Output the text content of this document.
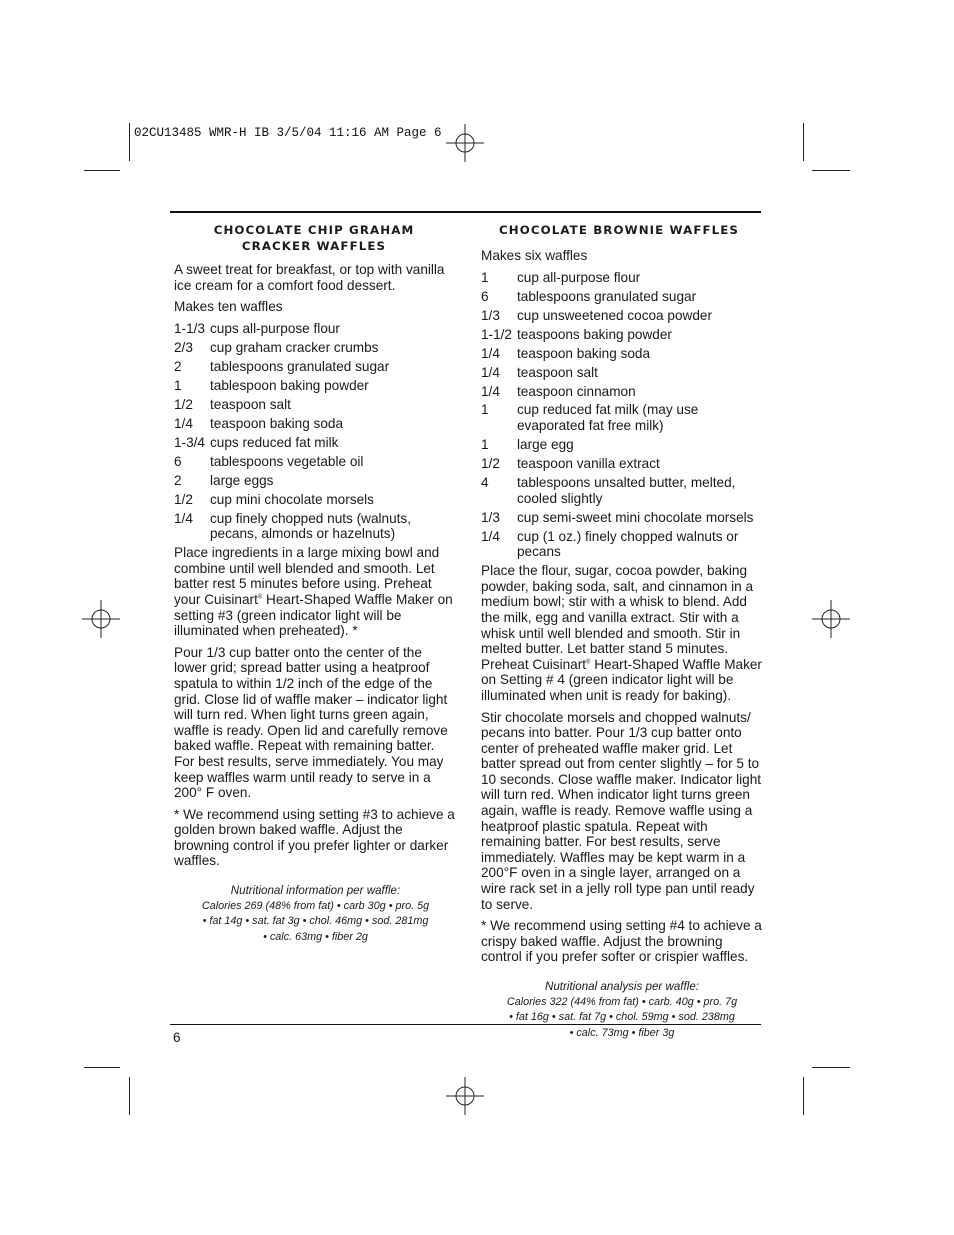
02CU13485 WMR-H IB 3/5/04 11:16 AM Page 6
CHOCOLATE CHIP GRAHAM
CRACKER WAFFLES

A sweet treat for breakfast, or top with vanilla ice cream for a comfort food dessert.

Makes ten waffles

1-1/3 cups all-purpose flour
2/3	cup graham cracker crumbs
2	tablespoons granulated sugar
1	tablespoon baking powder
1/2	teaspoon salt
1/4	teaspoon baking soda
1-3/4 cups reduced fat milk
6	tablespoons vegetable oil
2	large eggs
1/2	cup mini chocolate morsels
1/4	cup finely chopped nuts (walnuts, pecans, almonds or hazelnuts)

Place ingredients in a large mixing bowl and combine until well blended and smooth. Let batter rest 5 minutes before using. Preheat your Cuisinart® Heart-Shaped Waffle Maker on setting #3 (green indicator light will be illuminated when preheated). *

Pour 1/3 cup batter onto the center of the lower grid; spread batter using a heatproof spatula to within 1/2 inch of the edge of the grid. Close lid of waffle maker – indicator light will turn red. When light turns green again, waffle is ready. Open lid and carefully remove baked waffle. Repeat with remaining batter. For best results, serve immediately. You may keep waffles warm until ready to serve in a 200° F oven.

* We recommend using setting #3 to achieve a golden brown baked waffle. Adjust the browning control if you prefer lighter or darker waffles.

Nutritional information per waffle:
Calories 269 (48% from fat) • carb 30g • pro. 5g
• fat 14g • sat. fat 3g • chol. 46mg • sod. 281mg
• calc. 63mg • fiber 2g
CHOCOLATE BROWNIE WAFFLES

Makes six waffles

1	cup all-purpose flour
6	tablespoons granulated sugar
1/3	cup unsweetened cocoa powder
1-1/2 teaspoons baking powder
1/4	teaspoon baking soda
1/4	teaspoon salt
1/4	teaspoon cinnamon
1	cup reduced fat milk (may use evaporated fat free milk)
1	large egg
1/2	teaspoon vanilla extract
4	tablespoons unsalted butter, melted, cooled slightly
1/3	cup semi-sweet mini chocolate morsels
1/4	cup (1 oz.) finely chopped walnuts or pecans

Place the flour, sugar, cocoa powder, baking powder, baking soda, salt, and cinnamon in a medium bowl; stir with a whisk to blend. Add the milk, egg and vanilla extract. Stir with a whisk until well blended and smooth. Stir in melted butter. Let batter stand 5 minutes. Preheat Cuisinart® Heart-Shaped Waffle Maker on Setting # 4 (green indicator light will be illuminated when unit is ready for baking).

Stir chocolate morsels and chopped walnuts/ pecans into batter. Pour 1/3 cup batter onto center of preheated waffle maker grid. Let batter spread out from center slightly – for 5 to 10 seconds. Close waffle maker. Indicator light will turn red. When indicator light turns green again, waffle is ready. Remove waffle using a heatproof plastic spatula. Repeat with remaining batter. For best results, serve immediately. Waffles may be kept warm in a 200°F oven in a single layer, arranged on a wire rack set in a jelly roll type pan until ready to serve.

* We recommend using setting #4 to achieve a crispy baked waffle. Adjust the browning control if you prefer softer or crispier waffles.

Nutritional analysis per waffle:
Calories 322 (44% from fat) • carb. 40g • pro. 7g
• fat 16g • sat. fat 7g • chol. 59mg • sod. 238mg
• calc. 73mg • fiber 3g
6
